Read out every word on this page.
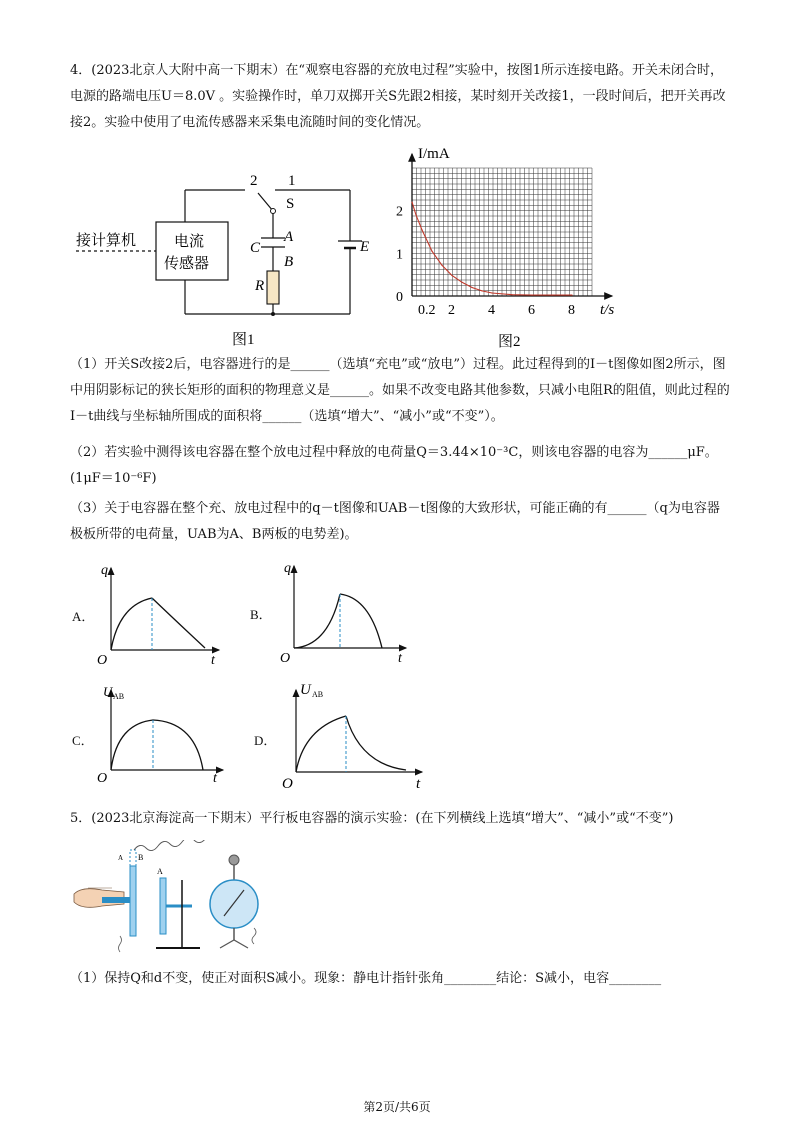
4．(2023北京人大附中高一下期末）在“观察电容器的充放电过程”实验中，按图1所示连接电路。开关未闭合时，电源的路端电压U＝8.0V 。实验操作时，单刀双掷开关S先跟2相接，某时刻开关改接1，一段时间后，把开关再改接2。实验中使用了电流传感器来采集电流随时间的变化情况。
2 1
S
C
A
B
R
E
接计算机	电流
传感器
图1
0
1
2
0.2 2 4 6 8
I/mA
t/s
图2
（1）开关S改接2后，电容器进行的是______（选填“充电”或“放电”）过程。此过程得到的I－t图像如图2所示，图中用阴影标记的狭长矩形的面积的物理意义是______。如果不改变电路其他参数，只减小电阻R的阻值，则此过程的I－t曲线与坐标轴所围成的面积将______（选填“增大”、“减小”或“不变”）。
（2）若实验中测得该电容器在整个放电过程中释放的电荷量Q＝3.44×10⁻³C，则该电容器的电容为______μF。(1μF＝10⁻⁶F)
（3）关于电容器在整个充、放电过程中的q－t图像和UAB－t图像的大致形状，可能正确的有______（q为电容器极板所带的电荷量，UAB为A、B两板的电势差)。
A．	B．
C．	D．
q
t
O
q
t
O
U AB
t
O
U AB
t
O
5．(2023北京海淀高一下期末）平行板电容器的演示实验：(在下列横线上选填“增大”、“减小”或“不变”)
A B
A
（1）保持Q和d不变，使正对面积S减小。现象：静电计指针张角________结论：S减小，电容________
第2页/共6页
